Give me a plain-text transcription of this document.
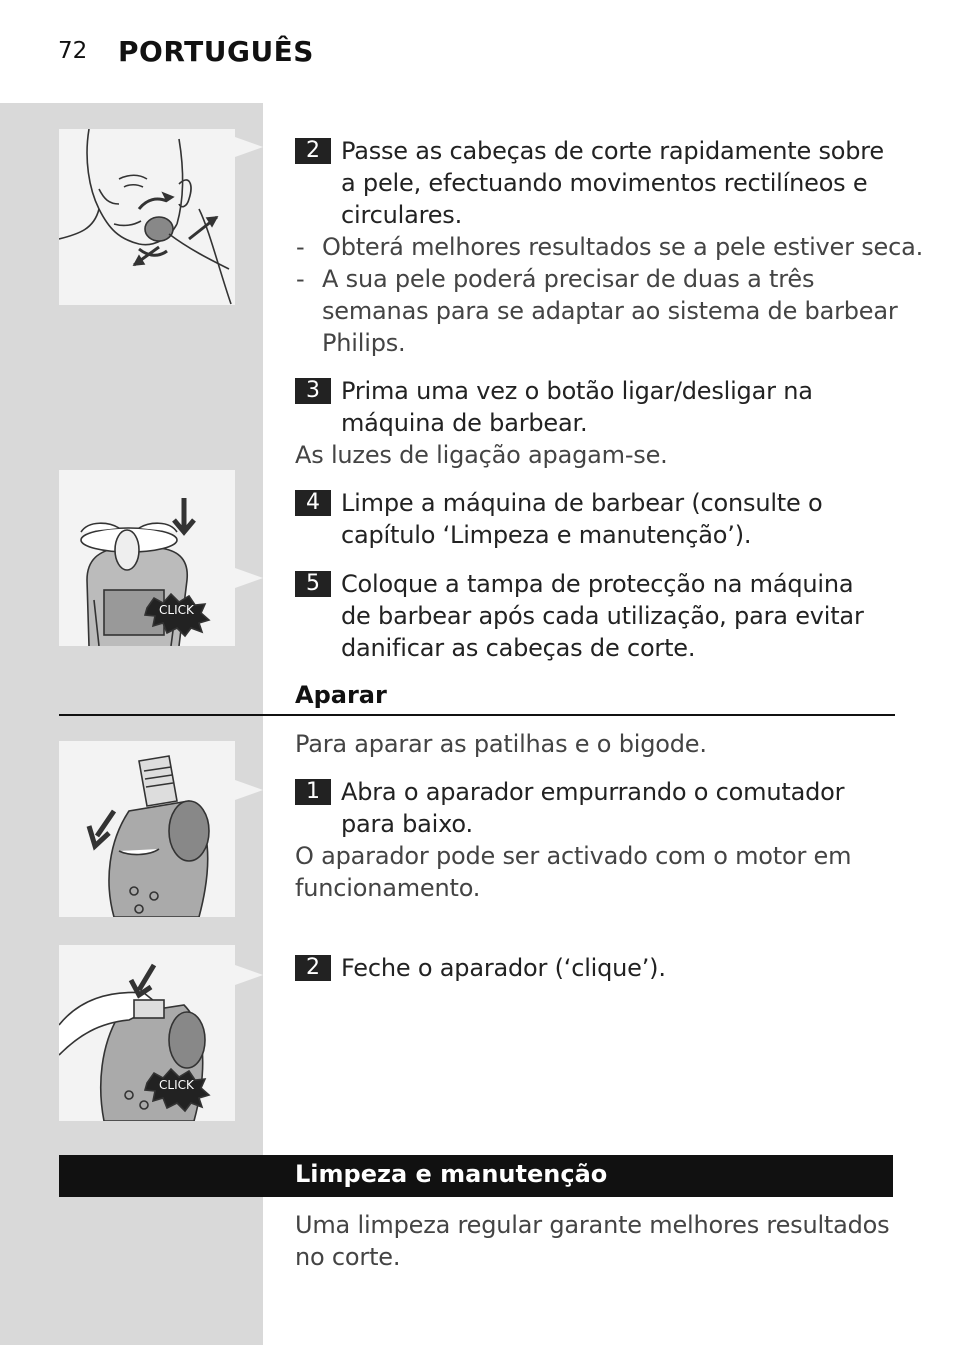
72 PORTUGUÊS
CLICK
CLICK
2 Passe as cabeças de corte rapidamente sobre
a pele, efectuando movimentos rectilíneos e
circulares.
- Obterá melhores resultados se a pele estiver seca.
- A sua pele poderá precisar de duas a três
semanas para se adaptar ao sistema de barbear
Philips.
3 Prima uma vez o botão ligar/desligar na
máquina de barbear.
As luzes de ligação apagam-se.
4 Limpe a máquina de barbear (consulte o
capítulo ‘Limpeza e manutenção’).
5 Coloque a tampa de protecção na máquina
de barbear após cada utilização, para evitar
danificar as cabeças de corte.
Aparar
Para aparar as patilhas e o bigode.
1 Abra o aparador empurrando o comutador
para baixo.
O aparador pode ser activado com o motor em
funcionamento.
2 Feche o aparador (‘clique’).
Limpeza e manutenção
Uma limpeza regular garante melhores resultados
no corte.
